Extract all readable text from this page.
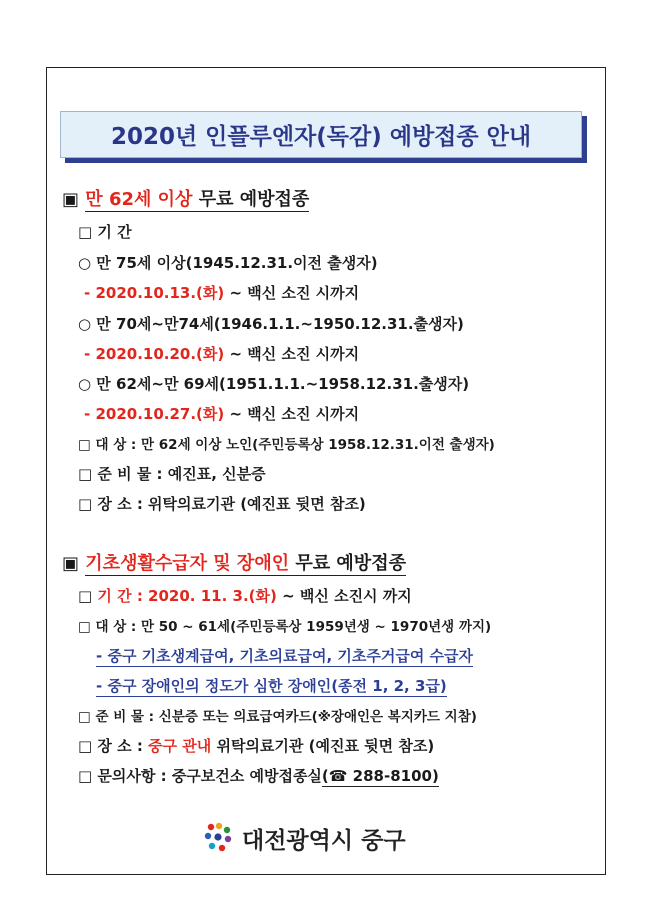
2020년 인플루엔자(독감) 예방접종 안내
▣ 만 62세 이상 무료 예방접종
□ 기 간
○ 만 75세 이상(1945.12.31.이전 출생자)
- 2020.10.13.(화) ~ 백신 소진 시까지
○ 만 70세~만74세(1946.1.1.~1950.12.31.출생자)
- 2020.10.20.(화) ~ 백신 소진 시까지
○ 만 62세~만 69세(1951.1.1.~1958.12.31.출생자)
- 2020.10.27.(화) ~ 백신 소진 시까지
□ 대 상 : 만 62세 이상 노인(주민등록상 1958.12.31.이전 출생자)
□ 준 비 물 : 예진표, 신분증
□ 장 소 : 위탁의료기관 (예진표 뒷면 참조)
▣ 기초생활수급자 및 장애인 무료 예방접종
□ 기 간 : 2020. 11. 3.(화) ~ 백신 소진시 까지
□ 대 상 : 만 50 ~ 61세(주민등록상 1959년생 ~ 1970년생 까지)
- 중구 기초생계급여, 기초의료급여, 기초주거급여 수급자
- 중구 장애인의 정도가 심한 장애인(종전 1, 2, 3급)
□ 준 비 물 : 신분증 또는 의료급여카드(※장애인은 복지카드 지참)
□ 장 소 : 중구 관내 위탁의료기관 (예진표 뒷면 참조)
□ 문의사항 : 중구보건소 예방접종실(☎ 288-8100)
대전광역시 중구
